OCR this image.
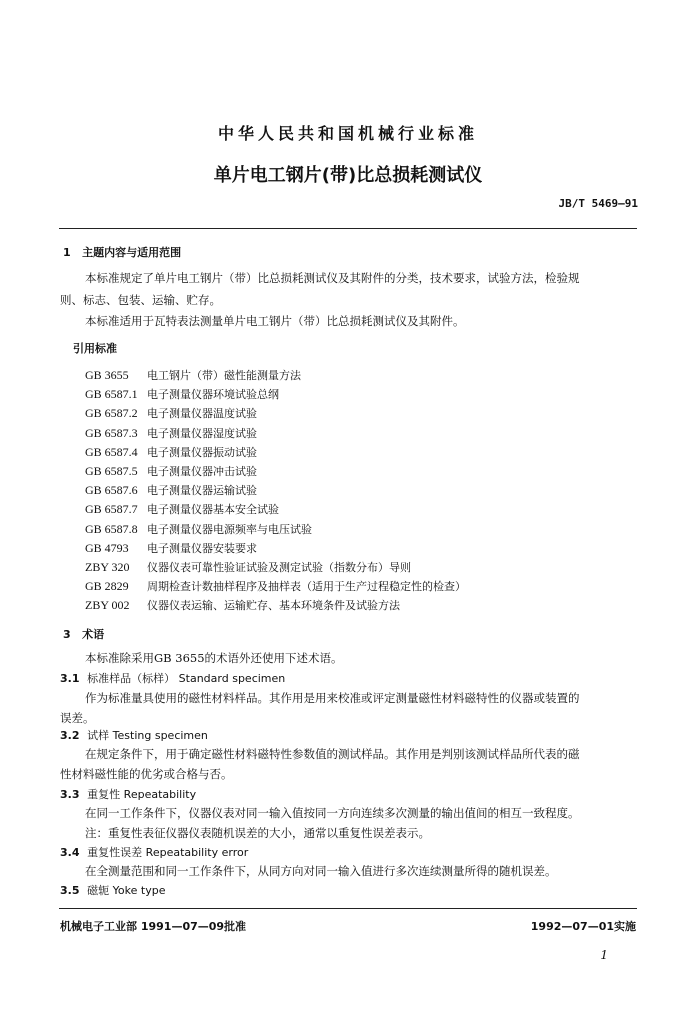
中华人民共和国机械行业标准
单片电工钢片(带)比总损耗测试仪
JB/T 5469—91
1 主题内容与适用范围
本标准规定了单片电工钢片（带）比总损耗测试仪及其附件的分类，技术要求，试验方法，检验规
则、标志、包装、运输、贮存。
本标准适用于瓦特表法测量单片电工钢片（带）比总损耗测试仪及其附件。
引用标准
GB 3655 电工钢片（带）磁性能测量方法
GB 6587.1 电子测量仪器环境试验总纲
GB 6587.2 电子测量仪器温度试验
GB 6587.3 电子测量仪器湿度试验
GB 6587.4 电子测量仪器振动试验
GB 6587.5 电子测量仪器冲击试验
GB 6587.6 电子测量仪器运输试验
GB 6587.7 电子测量仪器基本安全试验
GB 6587.8 电子测量仪器电源频率与电压试验
GB 4793 电子测量仪器安装要求
ZBY 320 仪器仪表可靠性验证试验及测定试验（指数分布）导则
GB 2829 周期检查计数抽样程序及抽样表（适用于生产过程稳定性的检查）
ZBY 002 仪器仪表运输、运输贮存、基本环境条件及试验方法
3 术语
本标准除采用GB 3655的术语外还使用下述术语。
3.1 标准样品（标样） Standard specimen
作为标准量具使用的磁性材料样品。其作用是用来校准或评定测量磁性材料磁特性的仪器或装置的
误差。
3.2 试样 Testing specimen
在规定条件下，用于确定磁性材料磁特性参数值的测试样品。其作用是判别该测试样品所代表的磁
性材料磁性能的优劣或合格与否。
3.3 重复性 Repeatability
在同一工作条件下，仪器仪表对同一输入值按同一方向连续多次测量的输出值间的相互一致程度。
注：重复性表征仪器仪表随机误差的大小，通常以重复性误差表示。
3.4 重复性误差 Repeatability error
在全测量范围和同一工作条件下，从同方向对同一输入值进行多次连续测量所得的随机误差。
3.5 磁轭 Yoke type
机械电子工业部 1991—07—09批准	1992—07—01实施
1
